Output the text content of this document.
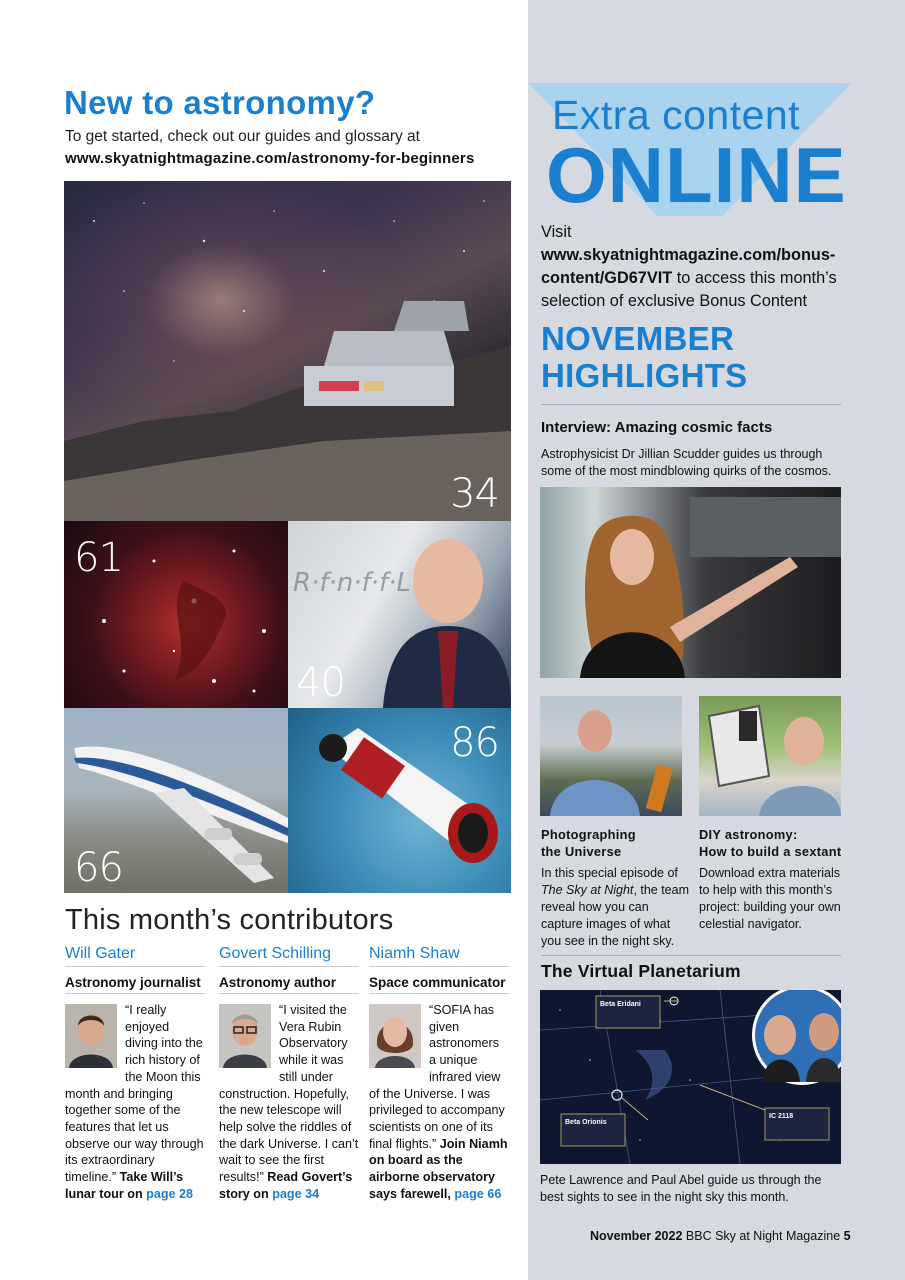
New to astronomy?
To get started, check out our guides and glossary at
www.skyatnightmagazine.com/astronomy-for-beginners
34
61
R·f·n·f·f·L
40
66
86
This month’s contributors
Will Gater
Astronomy journalist
“I really enjoyed diving into the rich history of the Moon this month and bringing together some of the features that let us observe our way through its extraordinary timeline.” Take Will’s lunar tour on page 28
Govert Schilling
Astronomy author
“I visited the Vera Rubin Observatory while it was still under construction. Hopefully, the new telescope will help solve the riddles of the dark Universe. I can’t wait to see the first results!” Read Govert’s story on page 34
Niamh Shaw
Space communicator
“SOFIA has given astronomers a unique infrared view of the Universe. I was privileged to accompany scientists on one of its final flights.” Join Niamh on board as the airborne observatory says farewell, page 66
Extra content
ONLINE
Visit www.skyatnightmagazine.com/bonus-content/GD67VIT to access this month’s selection of exclusive Bonus Content
NOVEMBER HIGHLIGHTS
Interview: Amazing cosmic facts
Astrophysicist Dr Jillian Scudder guides us through some of the most mindblowing quirks of the cosmos.
Photographing
the Universe
In this special episode of The Sky at Night, the team reveal how you can capture images of what you see in the night sky.
DIY astronomy:
How to build a sextant
Download extra materials to help with this month’s project: building your own celestial navigator.
The Virtual Planetarium
Beta Eridani
Beta Orionis
IC 2118
Pete Lawrence and Paul Abel guide us through the best sights to see in the night sky this month.
November 2022 BBC Sky at Night Magazine 5
